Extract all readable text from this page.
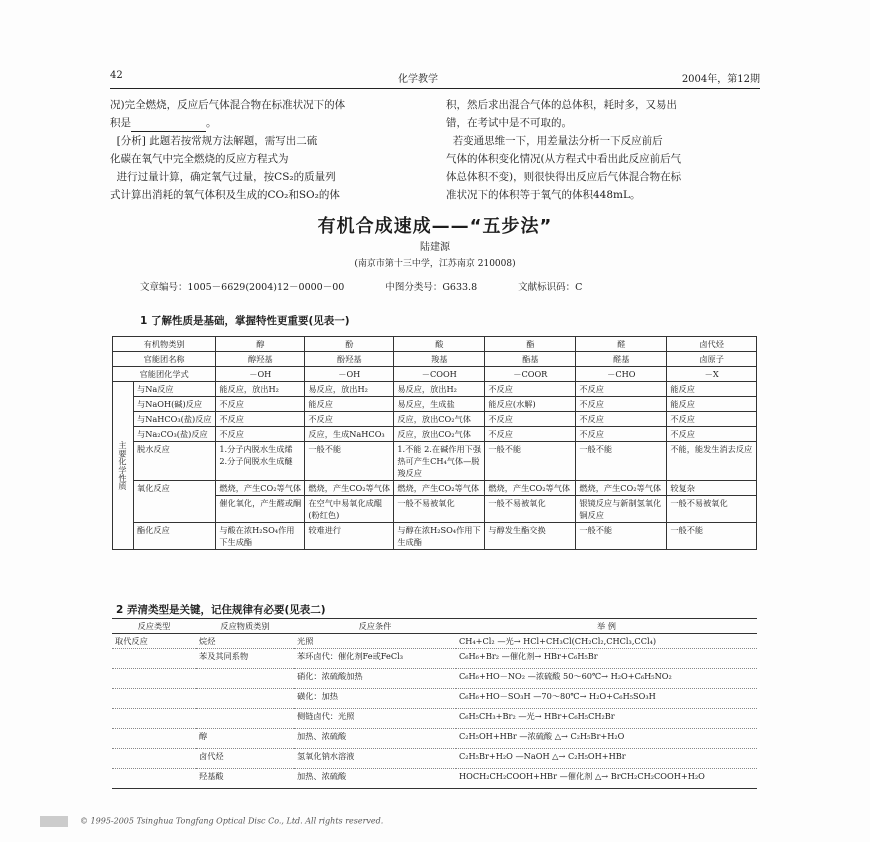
42	化学教学	2004年，第12期
况)完全燃烧，反应后气体混合物在标准状况下的体
积是	。
[分析] 此题若按常规方法解题，需写出二硫
化碳在氧气中完全燃烧的反应方程式为
进行过量计算，确定氧气过量，按CS₂的质量列
式计算出消耗的氧气体积及生成的CO₂和SO₂的体
积，然后求出混合气体的总体积，耗时多，又易出
错，在考试中是不可取的。
若变通思维一下，用差量法分析一下反应前后
气体的体积变化情况(从方程式中看出此反应前后气
体总体积不变)，则很快得出反应后气体混合物在标
准状况下的体积等于氧气的体积448mL。
有机合成速成——“五步法”
陆建源
(南京市第十三中学，江苏南京 210008)
文章编号：1005－6629(2004)12－0000－00	中图分类号：G633.8	文献标识码：C
1 了解性质是基础，掌握特性更重要(见表一)
有机物类别		醇	酚	酸	酯	醛	卤代烃
官能团名称		醇羟基	酚羟基	羧基	酯基	醛基	卤原子
官能团化学式		－OH	－OH	－COOH	－COOR	－CHO	－X
主要化学性质	与Na反应	能反应，放出H₂	易反应，放出H₂	易反应，放出H₂	不反应	不反应	能反应
	与NaOH(碱)反应	不反应	能反应	易反应，生成盐	能反应(水解)	不反应	能反应
	与NaHCO₃(盐)反应	不反应	不反应	反应，放出CO₂气体	不反应	不反应	不反应
	与Na₂CO₃(盐)反应	不反应	反应，生成NaHCO₃	反应，放出CO₂气体	不反应	不反应	不反应
	脱水反应	1.分子内脱水生成烯 2.分子间脱水生成醚	一般不能	1.不能 2.在碱作用下强热可产生CH₄气体—脱羧反应	一般不能	一般不能	不能，能发生消去反应
	氧化反应	燃烧，产生CO₂等气体	燃烧，产生CO₂等气体	燃烧，产生CO₂等气体	燃烧，产生CO₂等气体	燃烧，产生CO₂等气体	较复杂
		催化氧化，产生醛或酮	在空气中易氧化成醌(粉红色)	一般不易被氧化	一般不易被氧化	银镜反应与新制氢氧化铜反应	一般不易被氧化
	酯化反应	与酸在浓H₂SO₄作用下生成酯	较难进行	与醇在浓H₂SO₄作用下生成酯	与醇发生酯交换	一般不能	一般不能
2 弄清类型是关键，记住规律有必要(见表二)
反应类型	反应物质类别	反应条件	举 例
取代反应	烷烃	光照	CH₄+Cl₂ —光→ HCl+CH₃Cl(CH₂Cl₂,CHCl₃,CCl₄)
	苯及其同系物	苯环卤代：催化剂Fe或FeCl₃	C₆H₆+Br₂ —催化剂→ HBr+C₆H₅Br
		硝化：浓硫酸加热	C₆H₆+HO－NO₂ —浓硫酸 50～60℃→ H₂O+C₆H₅NO₂
		磺化：加热	C₆H₆+HO－SO₃H —70～80℃→ H₂O+C₆H₅SO₃H
		侧链卤代：光照	C₆H₅CH₃+Br₂ —光→ HBr+C₆H₅CH₂Br
	醇	加热、浓硫酸	C₂H₅OH+HBr —浓硫酸 △→ C₂H₅Br+H₂O
	卤代烃	氢氧化钠水溶液	C₂H₅Br+H₂O —NaOH △→ C₂H₅OH+HBr
	羟基酸	加热、浓硫酸	HOCH₂CH₂COOH+HBr —催化剂 △→ BrCH₂CH₂COOH+H₂O
© 1995-2005 Tsinghua Tongfang Optical Disc Co., Ltd. All rights reserved.
